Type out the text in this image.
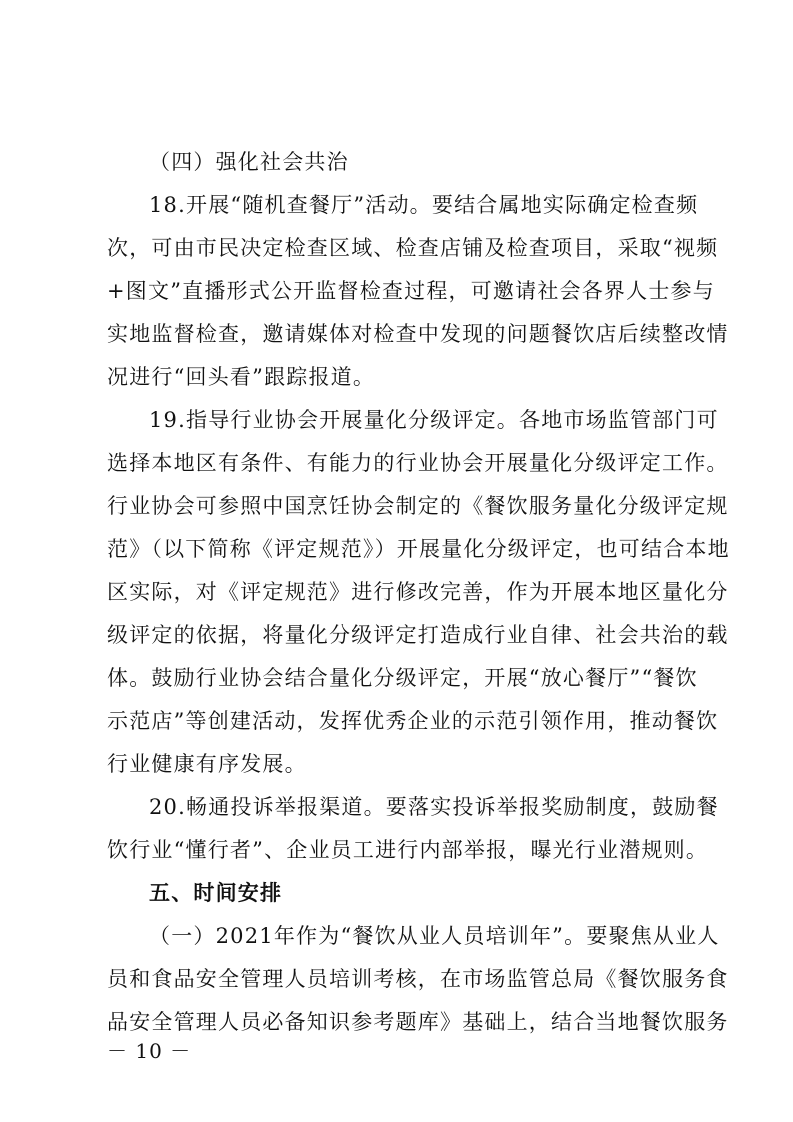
（四）强化社会共治
18.开展“随机查餐厅”活动。要结合属地实际确定检查频
次，可由市民决定检查区域、检查店铺及检查项目，采取“视频
+图文”直播形式公开监督检查过程，可邀请社会各界人士参与
实地监督检查，邀请媒体对检查中发现的问题餐饮店后续整改情
况进行“回头看”跟踪报道。
19.指导行业协会开展量化分级评定。各地市场监管部门可
选择本地区有条件、有能力的行业协会开展量化分级评定工作。
行业协会可参照中国烹饪协会制定的《餐饮服务量化分级评定规
范》（以下简称《评定规范》）开展量化分级评定，也可结合本地
区实际，对《评定规范》进行修改完善，作为开展本地区量化分
级评定的依据，将量化分级评定打造成行业自律、社会共治的载
体。鼓励行业协会结合量化分级评定，开展“放心餐厅”“餐饮
示范店”等创建活动，发挥优秀企业的示范引领作用，推动餐饮
行业健康有序发展。
20.畅通投诉举报渠道。要落实投诉举报奖励制度，鼓励餐
饮行业“懂行者”、企业员工进行内部举报，曝光行业潜规则。
五、时间安排
（一）2021年作为“餐饮从业人员培训年”。要聚焦从业人
员和食品安全管理人员培训考核，在市场监管总局《餐饮服务食
品安全管理人员必备知识参考题库》基础上，结合当地餐饮服务
－ 10 －
